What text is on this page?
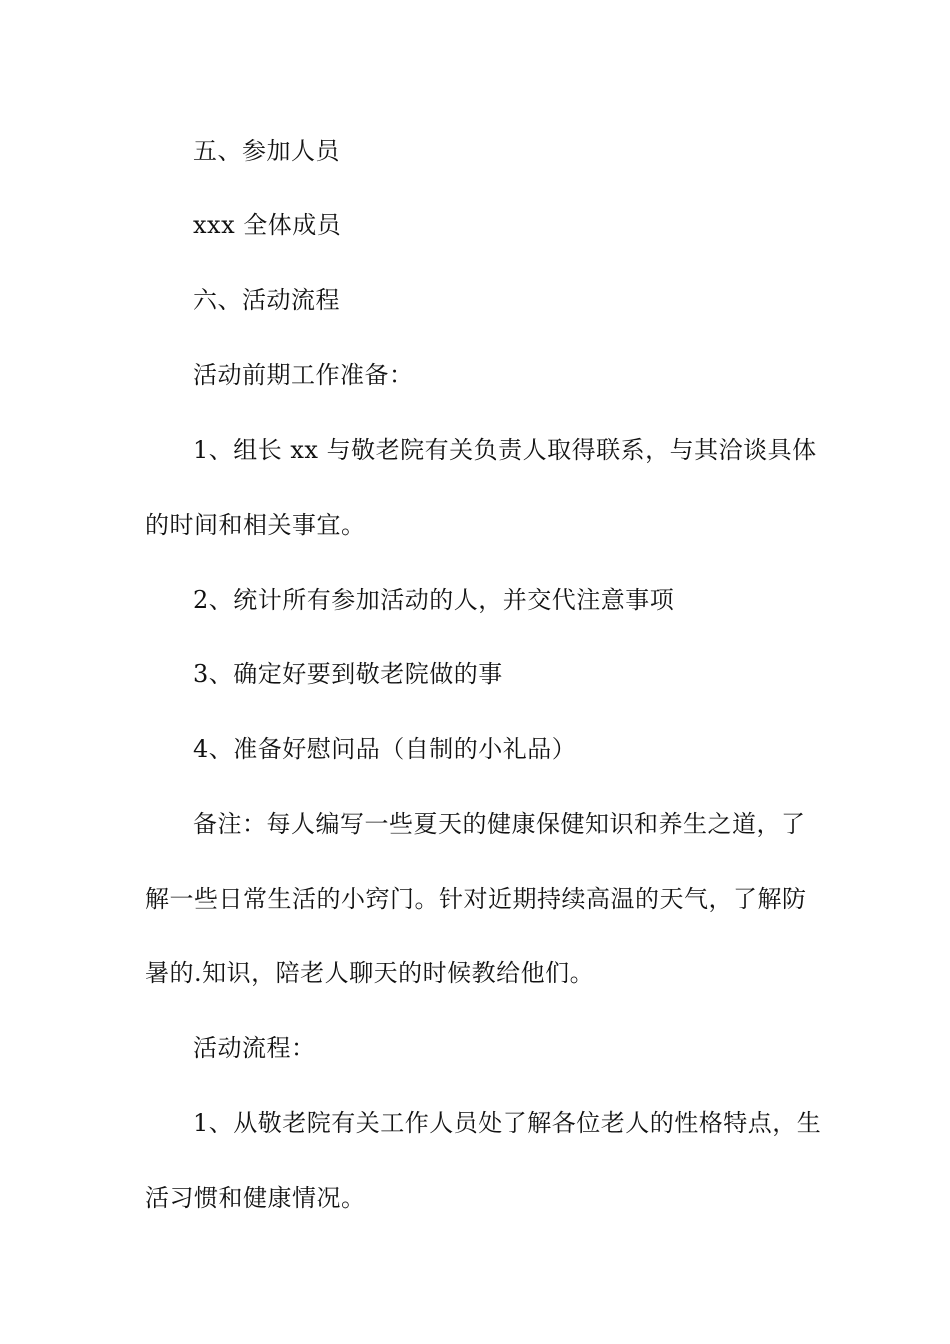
五、参加人员
xxx 全体成员
六、活动流程
活动前期工作准备：
1、组长 xx 与敬老院有关负责人取得联系，与其洽谈具体
的时间和相关事宜。
2、统计所有参加活动的人，并交代注意事项
3、确定好要到敬老院做的事
4、准备好慰问品（自制的小礼品）
备注：每人编写一些夏天的健康保健知识和养生之道，了
解一些日常生活的小窍门。针对近期持续高温的天气，了解防
暑的.知识，陪老人聊天的时候教给他们。
活动流程：
1、从敬老院有关工作人员处了解各位老人的性格特点，生
活习惯和健康情况。
